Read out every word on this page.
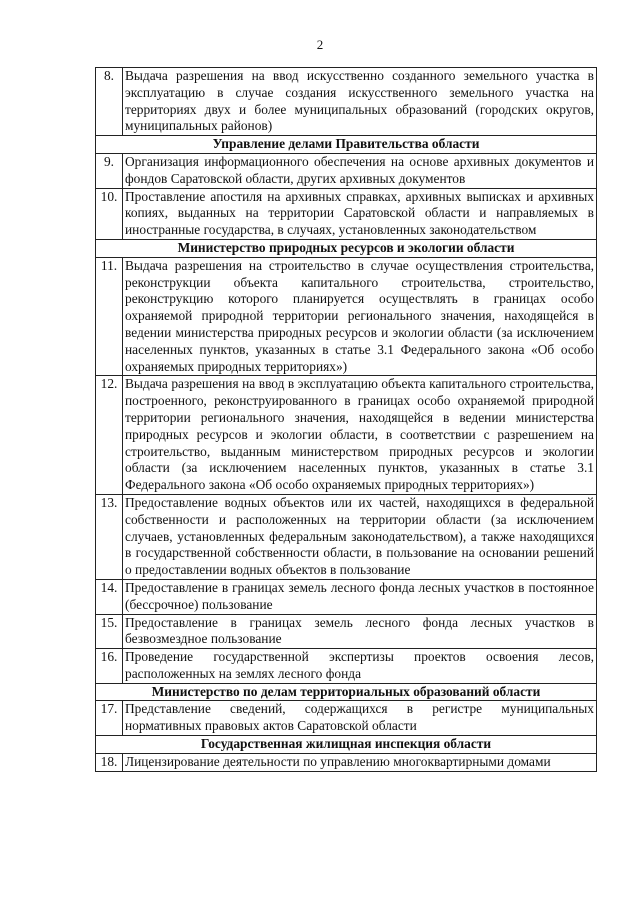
2
8.	Выдача разрешения на ввод искусственно созданного земельного участка в эксплуатацию в случае создания искусственного земельного участка на территориях двух и более муниципальных образований (городских округов, муниципальных районов)
Управление делами Правительства области	
9.	Организация информационного обеспечения на основе архивных документов и фондов Саратовской области, других архивных документов
10.	Проставление апостиля на архивных справках, архивных выписках и архивных копиях, выданных на территории Саратовской области и направляемых в иностранные государства, в случаях, установленных законодательством
Министерство природных ресурсов и экологии области	
11.	Выдача разрешения на строительство в случае осуществления строительства, реконструкции объекта капитального строительства, строительство, реконструкцию которого планируется осуществлять в границах особо охраняемой природной территории регионального значения, находящейся в ведении министерства природных ресурсов и экологии области (за исключением населенных пунктов, указанных в статье 3.1 Федерального закона «Об особо охраняемых природных территориях»)
12.	Выдача разрешения на ввод в эксплуатацию объекта капитального строительства, построенного, реконструированного в границах особо охраняемой природной территории регионального значения, находящейся в ведении министерства природных ресурсов и экологии области, в соответствии с разрешением на строительство, выданным министерством природных ресурсов и экологии области (за исключением населенных пунктов, указанных в статье 3.1 Федерального закона «Об особо охраняемых природных территориях»)
13.	Предоставление водных объектов или их частей, находящихся в федеральной собственности и расположенных на территории области (за исключением случаев, установленных федеральным законодательством), а также находящихся в государственной собственности области, в пользование на основании решений о предоставлении водных объектов в пользование
14.	Предоставление в границах земель лесного фонда лесных участков в постоянное (бессрочное) пользование
15.	Предоставление в границах земель лесного фонда лесных участков в безвозмездное пользование
16.	Проведение государственной экспертизы проектов освоения лесов, расположенных на землях лесного фонда
Министерство по делам территориальных образований области	
17.	Представление сведений, содержащихся в регистре муниципальных нормативных правовых актов Саратовской области
Государственная жилищная инспекция области	
18.	Лицензирование деятельности по управлению многоквартирными домами
